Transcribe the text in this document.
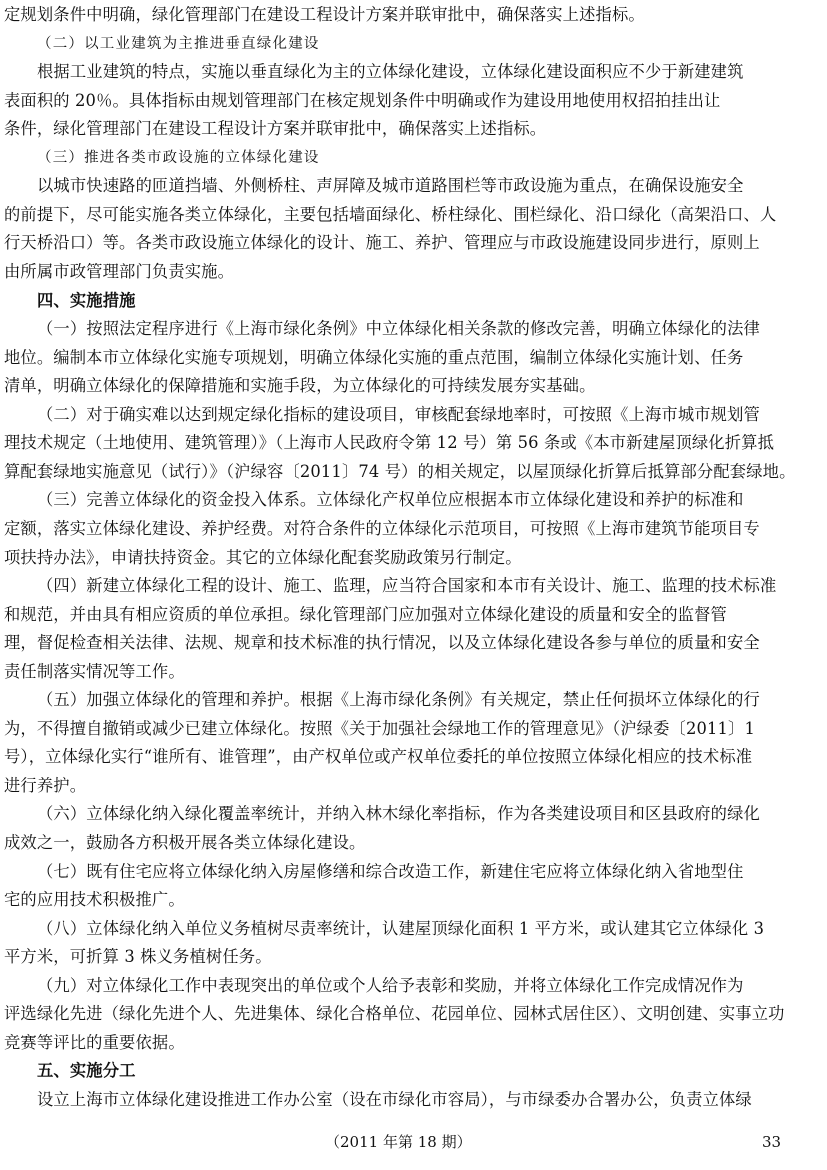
定规划条件中明确，绿化管理部门在建设工程设计方案并联审批中，确保落实上述指标。
（二）以工业建筑为主推进垂直绿化建设
根据工业建筑的特点，实施以垂直绿化为主的立体绿化建设，立体绿化建设面积应不少于新建建筑
表面积的 20％。具体指标由规划管理部门在核定规划条件中明确或作为建设用地使用权招拍挂出让
条件，绿化管理部门在建设工程设计方案并联审批中，确保落实上述指标。
（三）推进各类市政设施的立体绿化建设
以城市快速路的匝道挡墙、外侧桥柱、声屏障及城市道路围栏等市政设施为重点，在确保设施安全
的前提下，尽可能实施各类立体绿化，主要包括墙面绿化、桥柱绿化、围栏绿化、沿口绿化（高架沿口、人
行天桥沿口）等。各类市政设施立体绿化的设计、施工、养护、管理应与市政设施建设同步进行，原则上
由所属市政管理部门负责实施。
四、实施措施
（一）按照法定程序进行《上海市绿化条例》中立体绿化相关条款的修改完善，明确立体绿化的法律
地位。编制本市立体绿化实施专项规划，明确立体绿化实施的重点范围，编制立体绿化实施计划、任务
清单，明确立体绿化的保障措施和实施手段，为立体绿化的可持续发展夯实基础。
（二）对于确实难以达到规定绿化指标的建设项目，审核配套绿地率时，可按照《上海市城市规划管
理技术规定（土地使用、建筑管理）》（上海市人民政府令第 12 号）第 56 条或《本市新建屋顶绿化折算抵
算配套绿地实施意见（试行）》（沪绿容〔2011〕74 号）的相关规定，以屋顶绿化折算后抵算部分配套绿地。
（三）完善立体绿化的资金投入体系。立体绿化产权单位应根据本市立体绿化建设和养护的标准和
定额，落实立体绿化建设、养护经费。对符合条件的立体绿化示范项目，可按照《上海市建筑节能项目专
项扶持办法》，申请扶持资金。其它的立体绿化配套奖励政策另行制定。
（四）新建立体绿化工程的设计、施工、监理，应当符合国家和本市有关设计、施工、监理的技术标准
和规范，并由具有相应资质的单位承担。绿化管理部门应加强对立体绿化建设的质量和安全的监督管
理，督促检查相关法律、法规、规章和技术标准的执行情况，以及立体绿化建设各参与单位的质量和安全
责任制落实情况等工作。
（五）加强立体绿化的管理和养护。根据《上海市绿化条例》有关规定，禁止任何损坏立体绿化的行
为，不得擅自撤销或减少已建立体绿化。按照《关于加强社会绿地工作的管理意见》（沪绿委〔2011〕1
号），立体绿化实行“谁所有、谁管理”，由产权单位或产权单位委托的单位按照立体绿化相应的技术标准
进行养护。
（六）立体绿化纳入绿化覆盖率统计，并纳入林木绿化率指标，作为各类建设项目和区县政府的绿化
成效之一，鼓励各方积极开展各类立体绿化建设。
（七）既有住宅应将立体绿化纳入房屋修缮和综合改造工作，新建住宅应将立体绿化纳入省地型住
宅的应用技术积极推广。
（八）立体绿化纳入单位义务植树尽责率统计，认建屋顶绿化面积 1 平方米，或认建其它立体绿化 3
平方米，可折算 3 株义务植树任务。
（九）对立体绿化工作中表现突出的单位或个人给予表彰和奖励，并将立体绿化工作完成情况作为
评选绿化先进（绿化先进个人、先进集体、绿化合格单位、花园单位、园林式居住区）、文明创建、实事立功
竞赛等评比的重要依据。
五、实施分工
设立上海市立体绿化建设推进工作办公室（设在市绿化市容局），与市绿委办合署办公，负责立体绿
（2011 年第 18 期）	33
